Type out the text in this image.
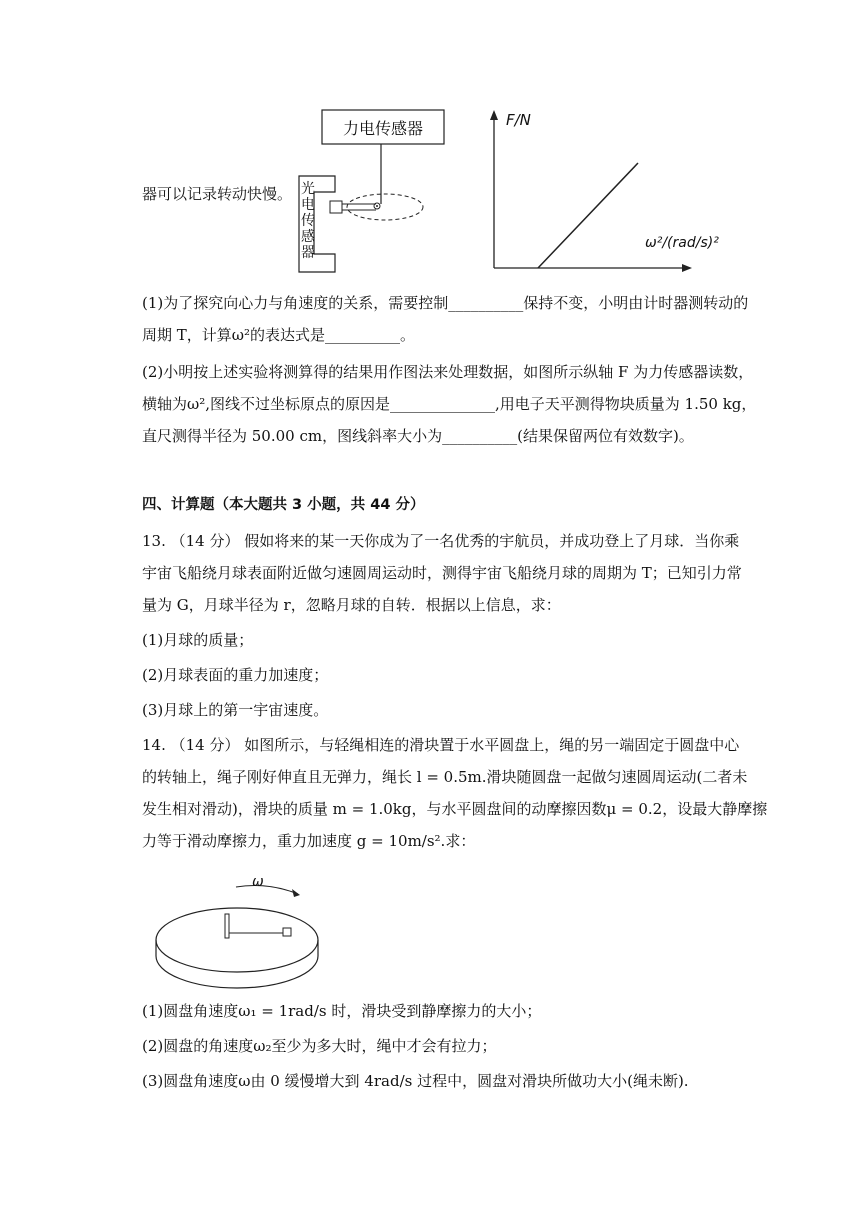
力电传感器
光
电
传
感
器
器可以记录转动快慢。
F/N
ω²/(rad/s)²
(1)为了探究向心力与角速度的关系，需要控制__________保持不变，小明由计时器测转动的
周期 T，计算ω²的表达式是__________。
(2)小明按上述实验将测算得的结果用作图法来处理数据，如图所示纵轴 F 为力传感器读数，
横轴为ω²,图线不过坐标原点的原因是______________,用电子天平测得物块质量为 1.50 kg，
直尺测得半径为 50.00 cm，图线斜率大小为__________(结果保留两位有效数字)。
四、计算题（本大题共 3 小题，共 44 分）
13. （14 分） 假如将来的某一天你成为了一名优秀的宇航员，并成功登上了月球．当你乘
宇宙飞船绕月球表面附近做匀速圆周运动时，测得宇宙飞船绕月球的周期为 T；已知引力常
量为 G，月球半径为 r，忽略月球的自转．根据以上信息，求：
(1)月球的质量；
(2)月球表面的重力加速度；
(3)月球上的第一宇宙速度。
14. （14 分） 如图所示，与轻绳相连的滑块置于水平圆盘上，绳的另一端固定于圆盘中心
的转轴上，绳子刚好伸直且无弹力，绳长 l = 0.5m.滑块随圆盘一起做匀速圆周运动(二者未
发生相对滑动)，滑块的质量 m = 1.0kg，与水平圆盘间的动摩擦因数μ = 0.2，设最大静摩擦
力等于滑动摩擦力，重力加速度 g = 10m/s².求：
ω
(1)圆盘角速度ω₁ = 1rad/s 时，滑块受到静摩擦力的大小；
(2)圆盘的角速度ω₂至少为多大时，绳中才会有拉力；
(3)圆盘角速度ω由 0 缓慢增大到 4rad/s 过程中，圆盘对滑块所做功大小(绳未断).
